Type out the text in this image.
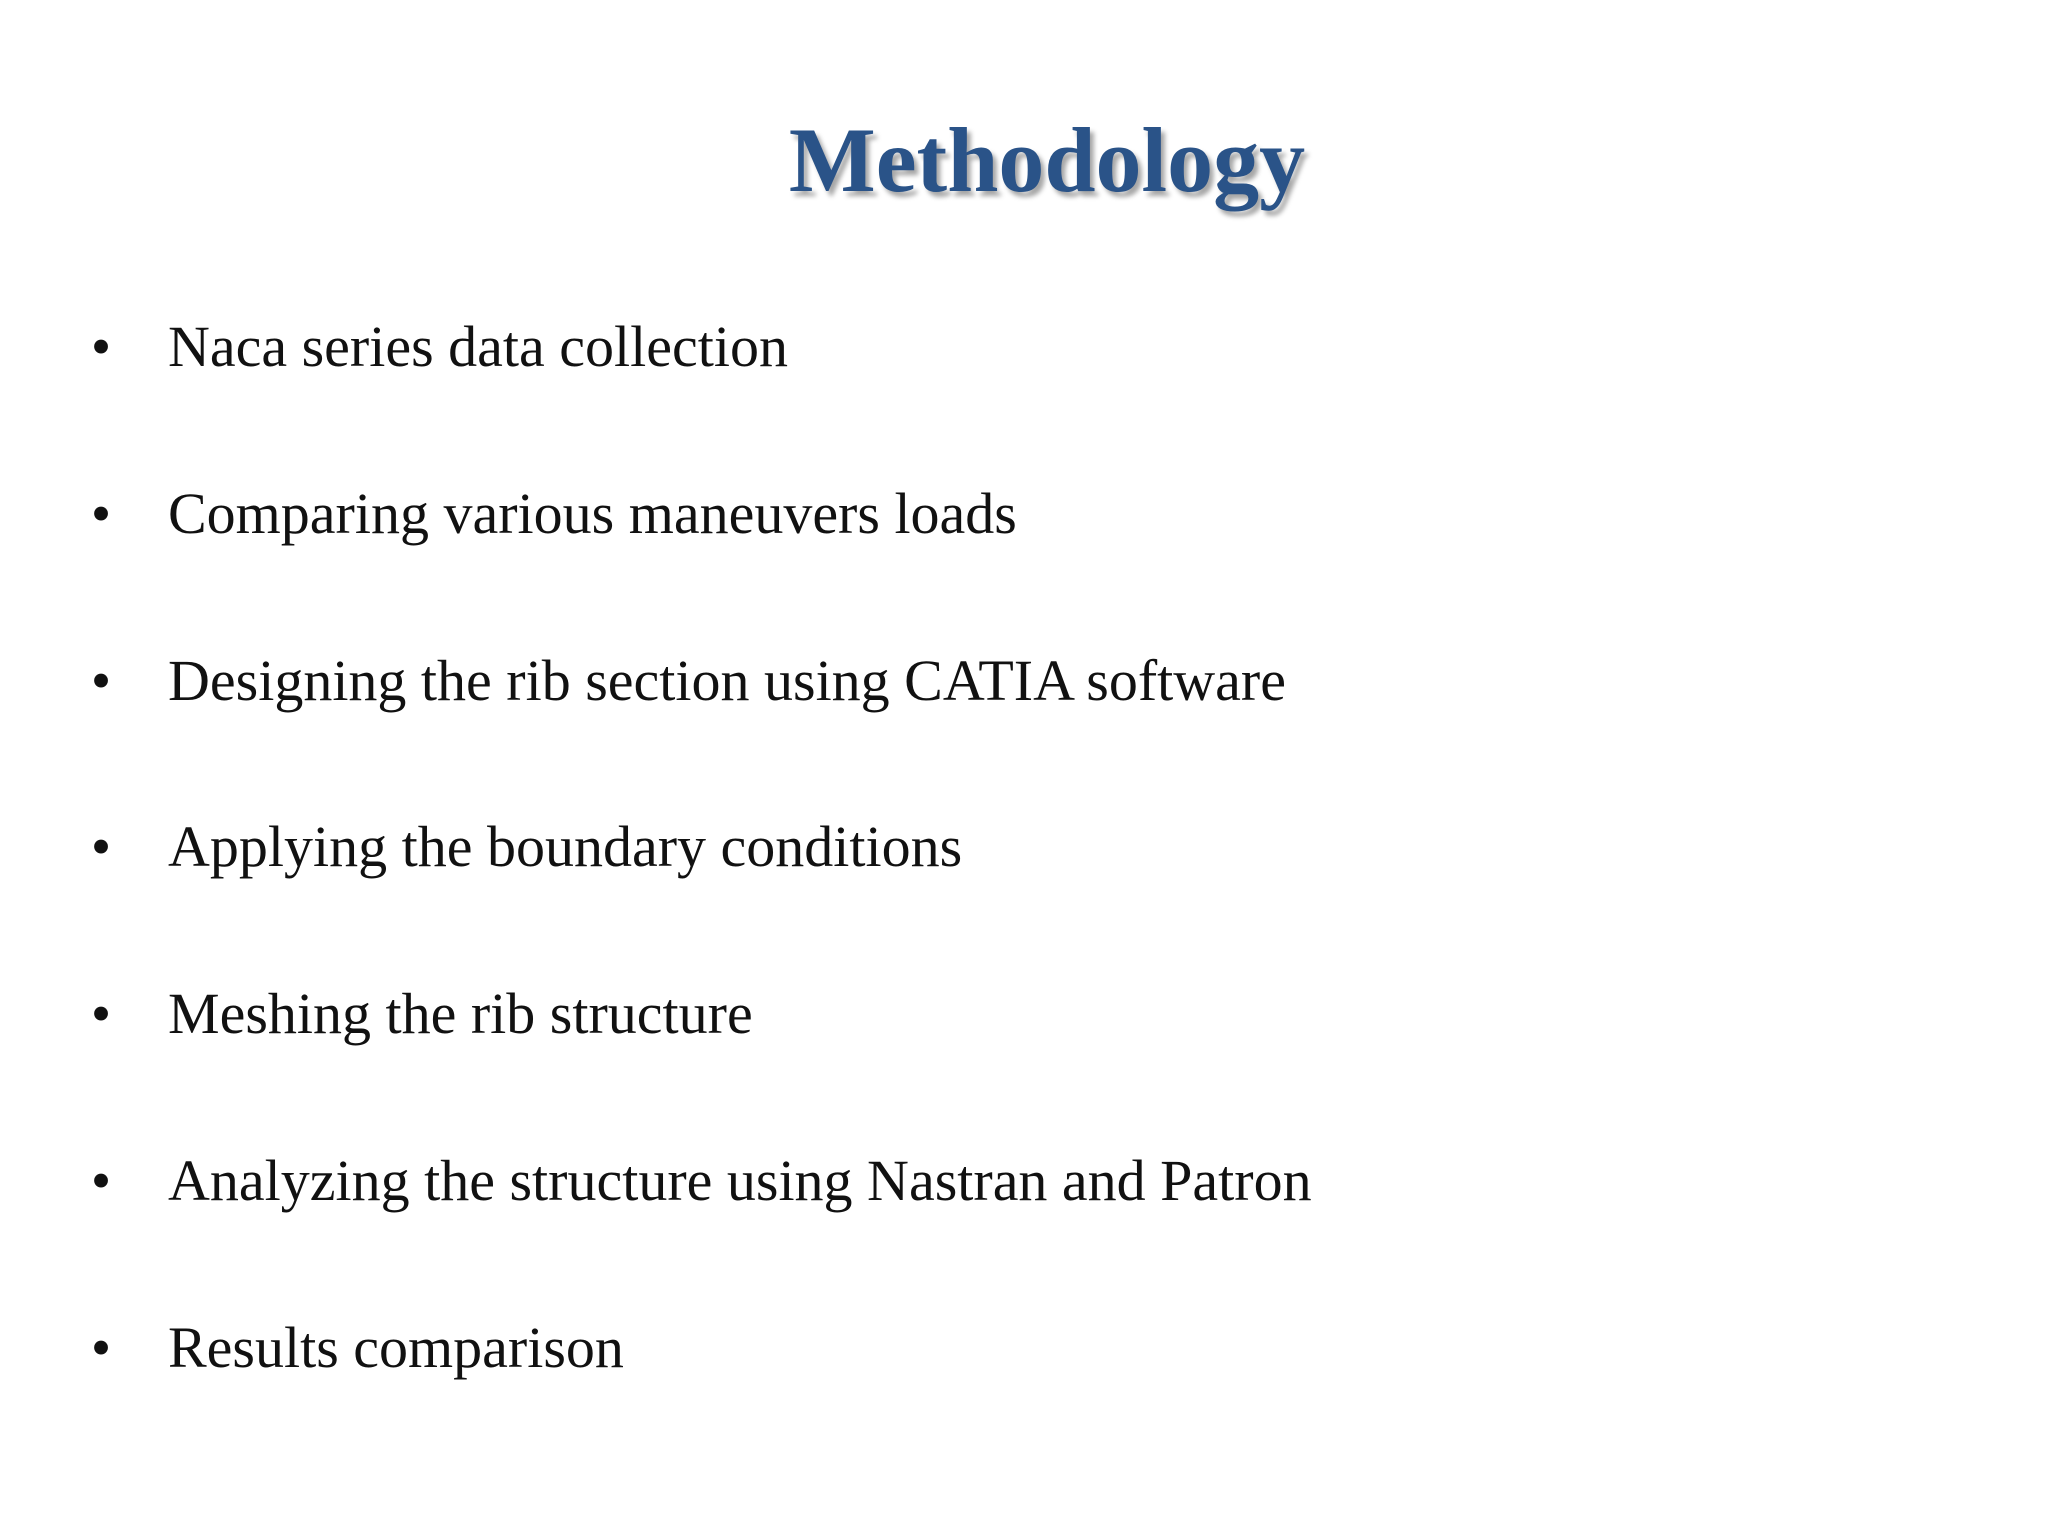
Methodology
• Naca series data collection
• Comparing various maneuvers loads
• Designing the rib section using CATIA software
• Applying the boundary conditions
• Meshing the rib structure
• Analyzing the structure using Nastran and Patron
• Results comparison
